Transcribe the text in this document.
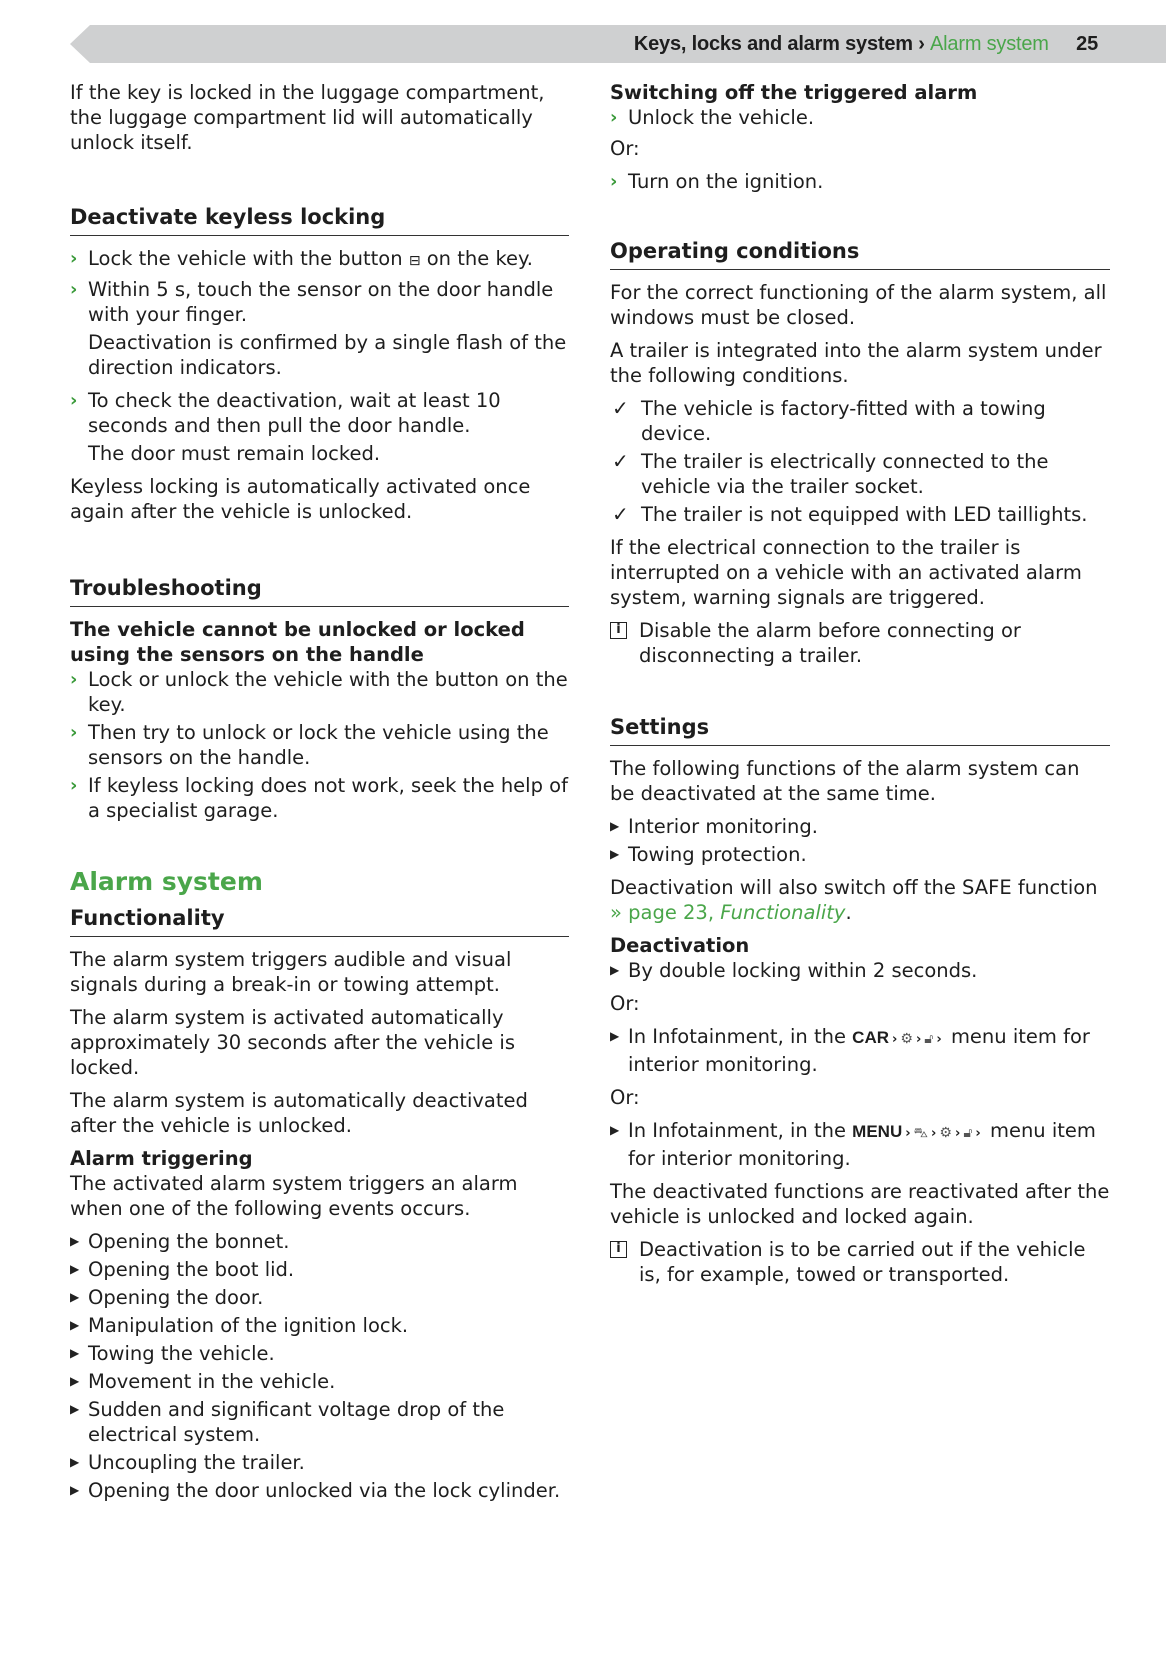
Keys, locks and alarm system › Alarm system 25

If the key is locked in the luggage compartment, the luggage compartment lid will automatically unlock itself.

Deactivate keyless locking
› Lock the vehicle with the button ⊟ on the key.
› Within 5 s, touch the sensor on the door handle with your finger.

Deactivation is confirmed by a single flash of the direction indicators.

› To check the deactivation, wait at least 10 seconds and then pull the door handle.

The door must remain locked.

Keyless locking is automatically activated once again after the vehicle is unlocked.

Troubleshooting
The vehicle cannot be unlocked or locked using the sensors on the handle
› Lock or unlock the vehicle with the button on the key.
› Then try to unlock or lock the vehicle using the sensors on the handle.
› If keyless locking does not work, seek the help of a specialist garage.
Alarm system
Functionality

The alarm system triggers audible and visual signals during a break-in or towing attempt.

The alarm system is activated automatically approximately 30 seconds after the vehicle is locked.

The alarm system is automatically deactivated after the vehicle is unlocked.

Alarm triggering

The activated alarm system triggers an alarm when one of the following events occurs.

▶ Opening the bonnet.
▶ Opening the boot lid.
▶ Opening the door.
▶ Manipulation of the ignition lock.
▶ Towing the vehicle.
▶ Movement in the vehicle.
▶ Sudden and significant voltage drop of the electrical system.
▶ Uncoupling the trailer.
▶ Opening the door unlocked via the lock cylinder.
Switching off the triggered alarm
› Unlock the vehicle.

Or:

› Turn on the ignition.
Operating conditions

For the correct functioning of the alarm system, all windows must be closed.

A trailer is integrated into the alarm system under the following conditions.

✓ The vehicle is factory-fitted with a towing device.
✓ The trailer is electrically connected to the vehicle via the trailer socket.
✓ The trailer is not equipped with LED taillights.

If the electrical connection to the trailer is interrupted on a vehicle with an activated alarm system, warning signals are triggered.

i Disable the alarm before connecting or disconnecting a trailer.
Settings

The following functions of the alarm system can be deactivated at the same time.

▶ Interior monitoring.
▶ Towing protection.

Deactivation will also switch off the SAFE function » page 23, Functionality.

Deactivation
▶ By double locking within 2 seconds.

Or:

▶ In Infotainment, in the CAR › ⚙ › 🔓︎ › menu item for interior monitoring.

Or:

▶ In Infotainment, in the MENU › ⛍ › ⚙ › 🔓︎ › menu item for interior monitoring.

The deactivated functions are reactivated after the vehicle is unlocked and locked again.

i Deactivation is to be carried out if the vehicle is, for example, towed or transported.
